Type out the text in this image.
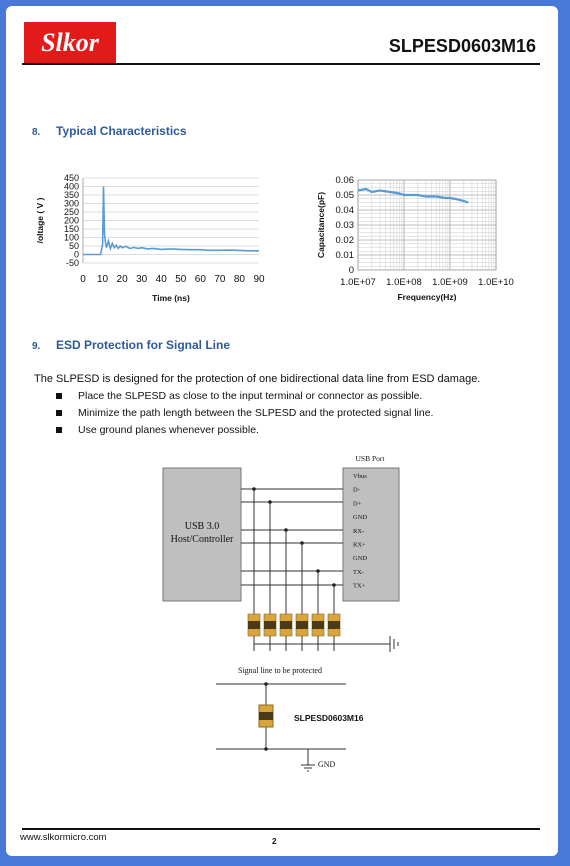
Slkor	SLPESD0603M16
8. Typical Characteristics
450
400
350
300
250
200
150
100
50
0
-50
0 10 20 30 40 50 60 70 80 90
Time (ns)
/oltage ( V )
0.06
0.05
0.04
0.03
0.02
0
0.01
1.0E+07 1.0E+08 1.0E+09 1.0E+10
Frequency(Hz)
Capacitance(pF)
9. ESD Protection for Signal Line
The SLPESD is designed for the protection of one bidirectional data line from ESD damage.
Place the SLPESD as close to the input terminal or connector as possible.
Minimize the path length between the SLPESD and the protected signal line.
Use ground planes whenever possible.
USB 3.0
Host/Controller
USB Port
Vbus
D-
D+
GND
RX-
RX+
GND
TX-
TX+
Signal line to be protected
SLPESD0603M16
GND
www.slkormicro.com	2
